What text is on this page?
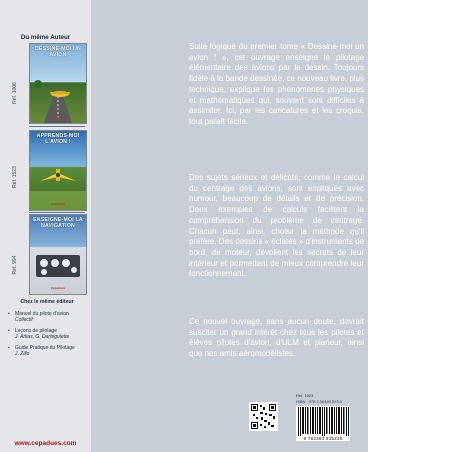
Du même Auteur
Réf. 1006
DESSINE-MOI UN AVION
Cépaduès
Réf. 1523
APPRENDS-MOI L'AVION !
Cépaduès
Réf. 994
ENSEIGNE-MOI LA NAVIGATION
Cépaduès
Chez le même éditeur
• Manuel du pilote d'avion
Collectif
• Leçons de pilotage
J. Attias, G. Darteguiette
• Guide Pratique du Pilotage
J. Zillo
www.cepadues.com

Suite logique du premier tome « Dessine-moi un avion ! », cet ouvrage enseigne le pilotage élémentaire des avions par le dessin. Toujours fidèle à la bande dessinée, ce nouveau livre, plus technique, explique les phénomènes physiques et mathématiques qui, souvent sont difficiles à assimiler. Ici, par les caricatures et les croquis, tout paraît facile.

Des sujets sérieux et délicats, comme le calcul du centrage des avions, sont expliqués avec humour, beaucoup de détails et de précision. Deux exemples de calculs facilitent la compréhension du problème de centrage. Chacun peut, ainsi, choisir la méthode qu'il préfère. Des dessins « éclatés » d'instruments de bord, de moteur, dévoilent les secrets de leur intérieur et permettent de mieux comprendre leur fonctionnement.

Ce nouvel ouvrage, sans aucun doute, devrait susciter un grand intérêt chez tous les pilotes et élèves pilotes d'avion, d'ULM et planeur, ainsi que nos amis aéromodélistes.

Réf. 1523
ISBN : 978.2.36493.523.5
9 782364 935235
